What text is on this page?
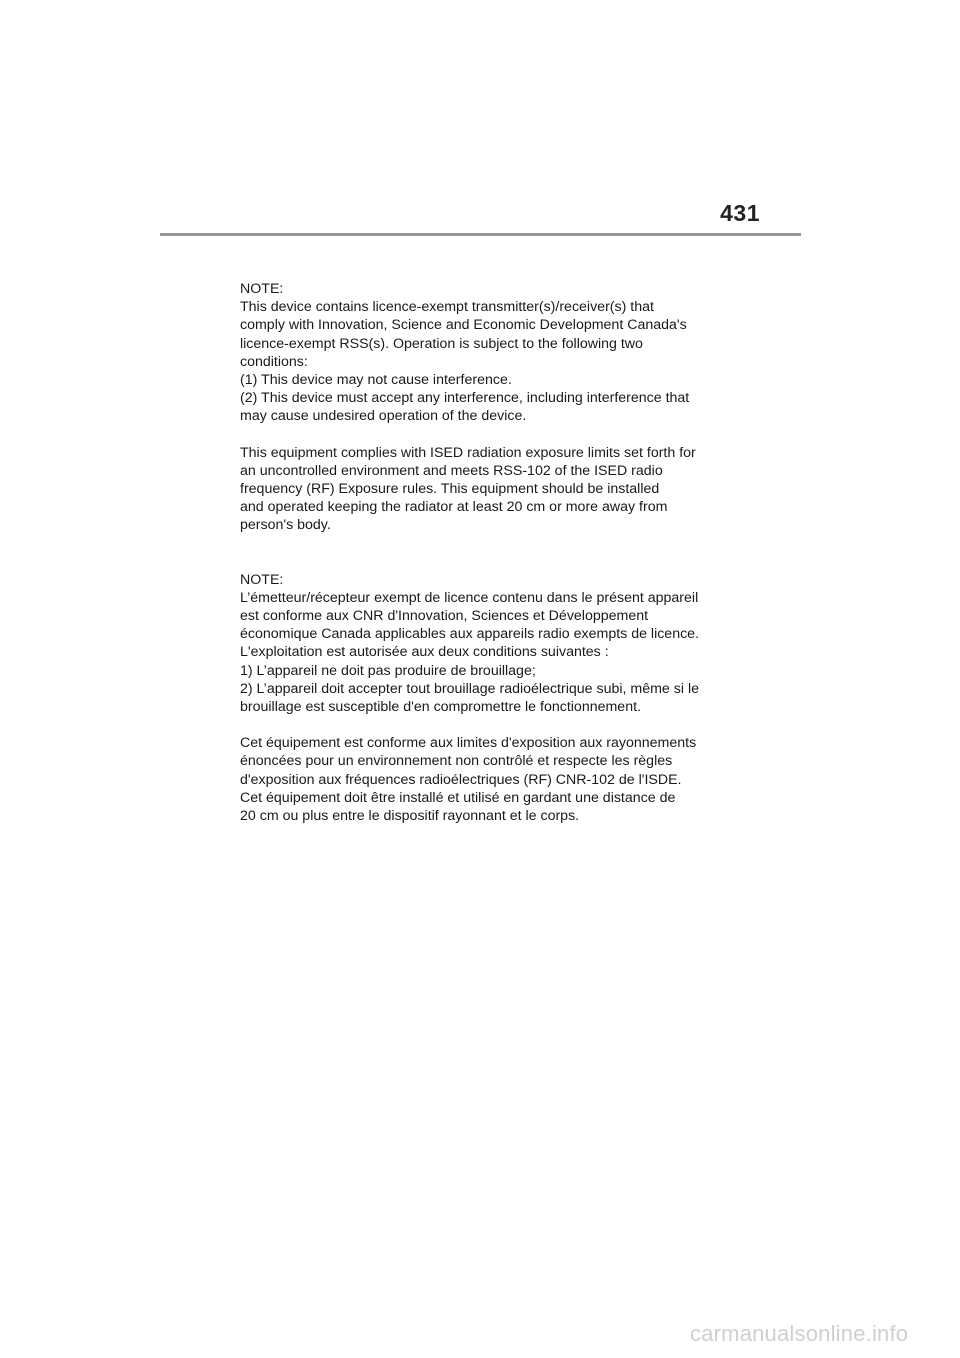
431
NOTE:
This device contains licence-exempt transmitter(s)/receiver(s) that
comply with Innovation, Science and Economic Development Canada's
licence-exempt RSS(s). Operation is subject to the following two
conditions:
(1) This device may not cause interference.
(2) This device must accept any interference, including interference that
may cause undesired operation of the device.
This equipment complies with ISED radiation exposure limits set forth for
an uncontrolled environment and meets RSS-102 of the ISED radio
frequency (RF) Exposure rules. This equipment should be installed
and operated keeping the radiator at least 20 cm or more away from
person's body.
NOTE:
L’émetteur/récepteur exempt de licence contenu dans le présent appareil
est conforme aux CNR d'Innovation, Sciences et Développement
économique Canada applicables aux appareils radio exempts de licence.
L'exploitation est autorisée aux deux conditions suivantes :
1) L’appareil ne doit pas produire de brouillage;
2) L’appareil doit accepter tout brouillage radioélectrique subi, même si le
brouillage est susceptible d'en compromettre le fonctionnement.
Cet équipement est conforme aux limites d'exposition aux rayonnements
énoncées pour un environnement non contrôlé et respecte les règles
d'exposition aux fréquences radioélectriques (RF) CNR-102 de l'ISDE.
Cet équipement doit être installé et utilisé en gardant une distance de
20 cm ou plus entre le dispositif rayonnant et le corps.
carmanualsonline.info
